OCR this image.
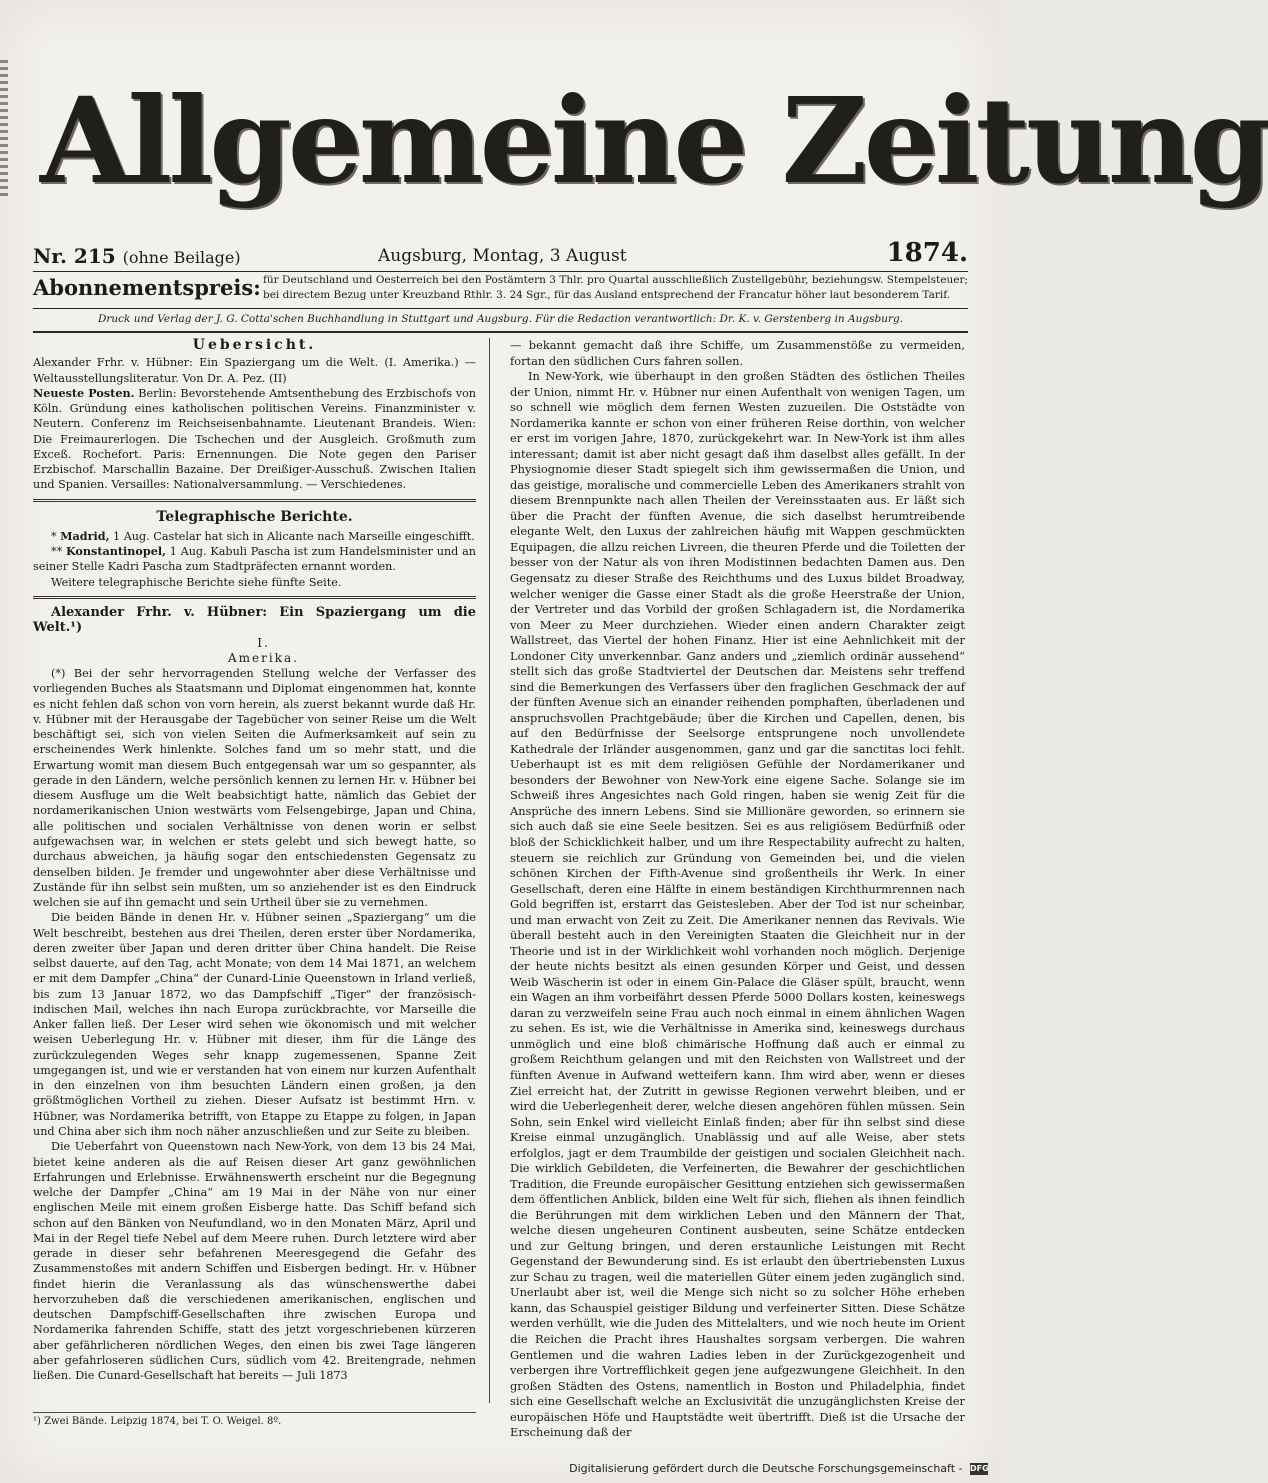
Allgemeine Zeitung
Nr. 215 (ohne Beilage)	Augsburg, Montag, 3 August	1874.
Abonnementspreis: für Deutschland und Oesterreich bei den Postämtern 3 Thlr. pro Quartal ausschließlich Zustellgebühr, beziehungsw. Stempelsteuer; bei directem Bezug unter Kreuzband Rthlr. 3. 24 Sgr., für das Ausland entsprechend der Francatur höher laut besonderem Tarif.
Druck und Verlag der J. G. Cotta'schen Buchhandlung in Stuttgart und Augsburg. Für die Redaction verantwortlich: Dr. K. v. Gerstenberg in Augsburg.
Uebersicht.

Alexander Frhr. v. Hübner: Ein Spaziergang um die Welt. (I. Amerika.) — Weltausstellungsliteratur. Von Dr. A. Pez. (II)

Neueste Posten. Berlin: Bevorstehende Amtsenthebung des Erzbischofs von Köln. Gründung eines katholischen politischen Vereins. Finanzminister v. Neutern. Conferenz im Reichseisenbahnamte. Lieutenant Brandeis. Wien: Die Freimaurerlogen. Die Tschechen und der Ausgleich. Großmuth zum Exceß. Rochefort. Paris: Ernennungen. Die Note gegen den Pariser Erzbischof. Marschallin Bazaine. Der Dreißiger-Ausschuß. Zwischen Italien und Spanien. Versailles: Nationalversammlung. — Verschiedenes.

Telegraphische Berichte.

* Madrid, 1 Aug. Castelar hat sich in Alicante nach Marseille eingeschifft.

** Konstantinopel, 1 Aug. Kabuli Pascha ist zum Handelsminister und an seiner Stelle Kadri Pascha zum Stadtpräfecten ernannt worden.

Weitere telegraphische Berichte siehe fünfte Seite.

Alexander Frhr. v. Hübner: Ein Spaziergang um die Welt.¹)

I.

Amerika.

(*) Bei der sehr hervorragenden Stellung welche der Verfasser des vorliegenden Buches als Staatsmann und Diplomat eingenommen hat, konnte es nicht fehlen daß schon von vorn herein, als zuerst bekannt wurde daß Hr. v. Hübner mit der Herausgabe der Tagebücher von seiner Reise um die Welt beschäftigt sei, sich von vielen Seiten die Aufmerksamkeit auf sein zu erscheinendes Werk hinlenkte. Solches fand um so mehr statt, und die Erwartung womit man diesem Buch entgegensah war um so gespannter, als gerade in den Ländern, welche persönlich kennen zu lernen Hr. v. Hübner bei diesem Ausfluge um die Welt beabsichtigt hatte, nämlich das Gebiet der nordamerikanischen Union westwärts vom Felsengebirge, Japan und China, alle politischen und socialen Verhältnisse von denen worin er selbst aufgewachsen war, in welchen er stets gelebt und sich bewegt hatte, so durchaus abweichen, ja häufig sogar den entschiedensten Gegensatz zu denselben bilden. Je fremder und ungewohnter aber diese Verhältnisse und Zustände für ihn selbst sein mußten, um so anziehender ist es den Eindruck welchen sie auf ihn gemacht und sein Urtheil über sie zu vernehmen.

Die beiden Bände in denen Hr. v. Hübner seinen „Spaziergang“ um die Welt beschreibt, bestehen aus drei Theilen, deren erster über Nordamerika, deren zweiter über Japan und deren dritter über China handelt. Die Reise selbst dauerte, auf den Tag, acht Monate; von dem 14 Mai 1871, an welchem er mit dem Dampfer „China“ der Cunard-Linie Queenstown in Irland verließ, bis zum 13 Januar 1872, wo das Dampfschiff „Tiger“ der französisch-indischen Mail, welches ihn nach Europa zurückbrachte, vor Marseille die Anker fallen ließ. Der Leser wird sehen wie ökonomisch und mit welcher weisen Ueberlegung Hr. v. Hübner mit dieser, ihm für die Länge des zurückzulegenden Weges sehr knapp zugemessenen, Spanne Zeit umgegangen ist, und wie er verstanden hat von einem nur kurzen Aufenthalt in den einzelnen von ihm besuchten Ländern einen großen, ja den größtmöglichen Vortheil zu ziehen. Dieser Aufsatz ist bestimmt Hrn. v. Hübner, was Nordamerika betrifft, von Etappe zu Etappe zu folgen, in Japan und China aber sich ihm noch näher anzuschließen und zur Seite zu bleiben.

Die Ueberfahrt von Queenstown nach New-York, von dem 13 bis 24 Mai, bietet keine anderen als die auf Reisen dieser Art ganz gewöhnlichen Erfahrungen und Erlebnisse. Erwähnenswerth erscheint nur die Begegnung welche der Dampfer „China“ am 19 Mai in der Nähe von nur einer englischen Meile mit einem großen Eisberge hatte. Das Schiff befand sich schon auf den Bänken von Neufundland, wo in den Monaten März, April und Mai in der Regel tiefe Nebel auf dem Meere ruhen. Durch letztere wird aber gerade in dieser sehr befahrenen Meeresgegend die Gefahr des Zusammenstoßes mit andern Schiffen und Eisbergen bedingt. Hr. v. Hübner findet hierin die Veranlassung als das wünschenswerthe dabei hervorzuheben daß die verschiedenen amerikanischen, englischen und deutschen Dampfschiff-Gesellschaften ihre zwischen Europa und Nordamerika fahrenden Schiffe, statt des jetzt vorgeschriebenen kürzeren aber gefährlicheren nördlichen Weges, den einen bis zwei Tage längeren aber gefahrloseren südlichen Curs, südlich vom 42. Breitengrade, nehmen ließen. Die Cunard-Gesellschaft hat bereits — Juli 1873

— bekannt gemacht daß ihre Schiffe, um Zusammenstöße zu vermeiden, fortan den südlichen Curs fahren sollen.

In New-York, wie überhaupt in den großen Städten des östlichen Theiles der Union, nimmt Hr. v. Hübner nur einen Aufenthalt von wenigen Tagen, um so schnell wie möglich dem fernen Westen zuzueilen. Die Oststädte von Nordamerika kannte er schon von einer früheren Reise dorthin, von welcher er erst im vorigen Jahre, 1870, zurückgekehrt war. In New-York ist ihm alles interessant; damit ist aber nicht gesagt daß ihm daselbst alles gefällt. In der Physiognomie dieser Stadt spiegelt sich ihm gewissermaßen die Union, und das geistige, moralische und commercielle Leben des Amerikaners strahlt von diesem Brennpunkte nach allen Theilen der Vereinsstaaten aus. Er läßt sich über die Pracht der fünften Avenue, die sich daselbst herumtreibende elegante Welt, den Luxus der zahlreichen häufig mit Wappen geschmückten Equipagen, die allzu reichen Livreen, die theuren Pferde und die Toiletten der besser von der Natur als von ihren Modistinnen bedachten Damen aus. Den Gegensatz zu dieser Straße des Reichthums und des Luxus bildet Broadway, welcher weniger die Gasse einer Stadt als die große Heerstraße der Union, der Vertreter und das Vorbild der großen Schlagadern ist, die Nordamerika von Meer zu Meer durchziehen. Wieder einen andern Charakter zeigt Wallstreet, das Viertel der hohen Finanz. Hier ist eine Aehnlichkeit mit der Londoner City unverkennbar. Ganz anders und „ziemlich ordinär aussehend“ stellt sich das große Stadtviertel der Deutschen dar. Meistens sehr treffend sind die Bemerkungen des Verfassers über den fraglichen Geschmack der auf der fünften Avenue sich an einander reihenden pomphaften, überladenen und anspruchsvollen Prachtgebäude; über die Kirchen und Capellen, denen, bis auf den Bedürfnisse der Seelsorge entsprungene noch unvollendete Kathedrale der Irländer ausgenommen, ganz und gar die sanctitas loci fehlt. Ueberhaupt ist es mit dem religiösen Gefühle der Nordamerikaner und besonders der Bewohner von New-York eine eigene Sache. Solange sie im Schweiß ihres Angesichtes nach Gold ringen, haben sie wenig Zeit für die Ansprüche des innern Lebens. Sind sie Millionäre geworden, so erinnern sie sich auch daß sie eine Seele besitzen. Sei es aus religiösem Bedürfniß oder bloß der Schicklichkeit halber, und um ihre Respectability aufrecht zu halten, steuern sie reichlich zur Gründung von Gemeinden bei, und die vielen schönen Kirchen der Fifth-Avenue sind großentheils ihr Werk. In einer Gesellschaft, deren eine Hälfte in einem beständigen Kirchthurmrennen nach Gold begriffen ist, erstarrt das Geistesleben. Aber der Tod ist nur scheinbar, und man erwacht von Zeit zu Zeit. Die Amerikaner nennen das Revivals. Wie überall besteht auch in den Vereinigten Staaten die Gleichheit nur in der Theorie und ist in der Wirklichkeit wohl vorhanden noch möglich. Derjenige der heute nichts besitzt als einen gesunden Körper und Geist, und dessen Weib Wäscherin ist oder in einem Gin-Palace die Gläser spült, braucht, wenn ein Wagen an ihm vorbeifährt dessen Pferde 5000 Dollars kosten, keineswegs daran zu verzweifeln seine Frau auch noch einmal in einem ähnlichen Wagen zu sehen. Es ist, wie die Verhältnisse in Amerika sind, keineswegs durchaus unmöglich und eine bloß chimärische Hoffnung daß auch er einmal zu großem Reichthum gelangen und mit den Reichsten von Wallstreet und der fünften Avenue in Aufwand wetteifern kann. Ihm wird aber, wenn er dieses Ziel erreicht hat, der Zutritt in gewisse Regionen verwehrt bleiben, und er wird die Ueberlegenheit derer, welche diesen angehören fühlen müssen. Sein Sohn, sein Enkel wird vielleicht Einlaß finden; aber für ihn selbst sind diese Kreise einmal unzugänglich. Unablässig und auf alle Weise, aber stets erfolglos, jagt er dem Traumbilde der geistigen und socialen Gleichheit nach. Die wirklich Gebildeten, die Verfeinerten, die Bewahrer der geschichtlichen Tradition, die Freunde europäischer Gesittung entziehen sich gewissermaßen dem öffentlichen Anblick, bilden eine Welt für sich, fliehen als ihnen feindlich die Berührungen mit dem wirklichen Leben und den Männern der That, welche diesen ungeheuren Continent ausbeuten, seine Schätze entdecken und zur Geltung bringen, und deren erstaunliche Leistungen mit Recht Gegenstand der Bewunderung sind. Es ist erlaubt den übertriebensten Luxus zur Schau zu tragen, weil die materiellen Güter einem jeden zugänglich sind. Unerlaubt aber ist, weil die Menge sich nicht so zu solcher Höhe erheben kann, das Schauspiel geistiger Bildung und verfeinerter Sitten. Diese Schätze werden verhüllt, wie die Juden des Mittelalters, und wie noch heute im Orient die Reichen die Pracht ihres Haushaltes sorgsam verbergen. Die wahren Gentlemen und die wahren Ladies leben in der Zurückgezogenheit und verbergen ihre Vortrefflichkeit gegen jene aufgezwungene Gleichheit. In den großen Städten des Ostens, namentlich in Boston und Philadelphia, findet sich eine Gesellschaft welche an Exclusivität die unzugänglichsten Kreise der europäischen Höfe und Hauptstädte weit übertrifft. Dieß ist die Ursache der Erscheinung daß der

¹) Zwei Bände. Leipzig 1874, bei T. O. Weigel. 8º.
Digitalisierung gefördert durch die Deutsche Forschungsgemeinschaft - DFG
